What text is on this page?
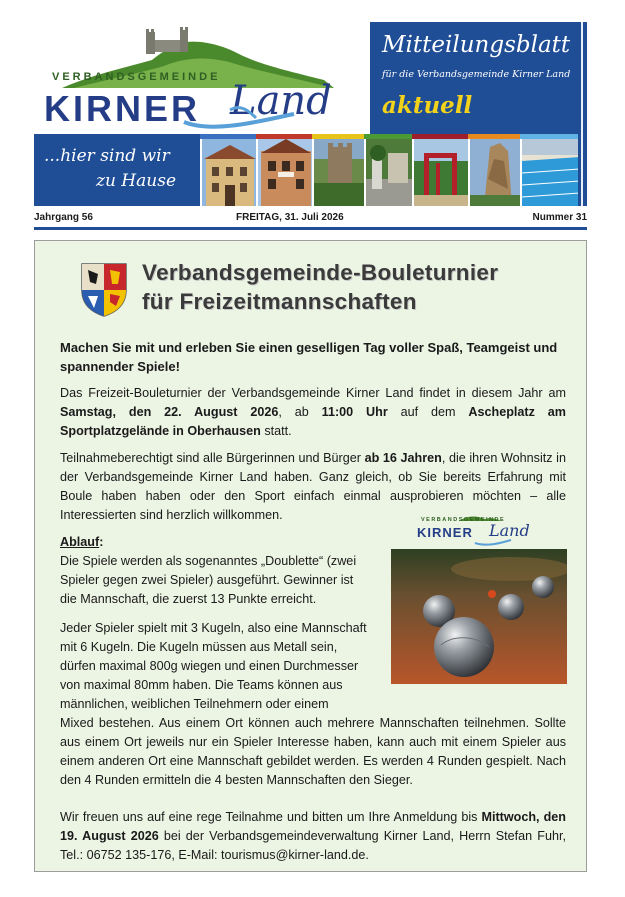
VERBANDSGEMEINDE
KIRNER Land
Mitteilungsblatt
für die Verbandsgemeinde Kirner Land
aktuell
...hier sind wir
zu Hause
Jahrgang 56	FREITAG, 31. Juli 2026	Nummer 31
Verbandsgemeinde-Bouleturnier
für Freizeitmannschaften
Machen Sie mit und erleben Sie einen geselligen Tag voller Spaß, Teamgeist und spannender Spiele!
Das Freizeit-Bouleturnier der Verbandsgemeinde Kirner Land findet in diesem Jahr am Samstag, den 22. August 2026, ab 11:00 Uhr auf dem Ascheplatz am Sportplatzgelände in Oberhausen statt.
Teilnahmeberechtigt sind alle Bürgerinnen und Bürger ab 16 Jahren, die ihren Wohnsitz in der Verbandsgemeinde Kirner Land haben. Ganz gleich, ob Sie bereits Erfahrung mit Boule haben haben oder den Sport einfach einmal ausprobieren möchten – alle Interessierten sind herzlich willkommen.	VERBANDSGEMEINDE
KIRNER Land
Ablauf:
Die Spiele werden als sogenanntes „Doublette“ (zwei
Spieler gegen zwei Spieler) ausgeführt. Gewinner ist
die Mannschaft, die zuerst 13 Punkte erreicht.
Jeder Spieler spielt mit 3 Kugeln, also eine Mannschaft
mit 6 Kugeln. Die Kugeln müssen aus Metall sein,
dürfen maximal 800g wiegen und einen Durchmesser
von maximal 80mm haben. Die Teams können aus
männlichen, weiblichen Teilnehmern oder einem
Mixed bestehen. Aus einem Ort können auch mehrere Mannschaften teilnehmen. Sollte aus einem Ort jeweils nur ein Spieler Interesse haben, kann auch mit einem Spieler aus einem anderen Ort eine Mannschaft gebildet werden. Es werden 4 Runden gespielt. Nach den 4 Runden ermitteln die 4 besten Mannschaften den Sieger.
Wir freuen uns auf eine rege Teilnahme und bitten um Ihre Anmeldung bis Mittwoch, den 19. August 2026 bei der Verbandsgemeindeverwaltung Kirner Land, Herrn Stefan Fuhr, Tel.: 06752 135-176, E-Mail: tourismus@kirner-land.de.
